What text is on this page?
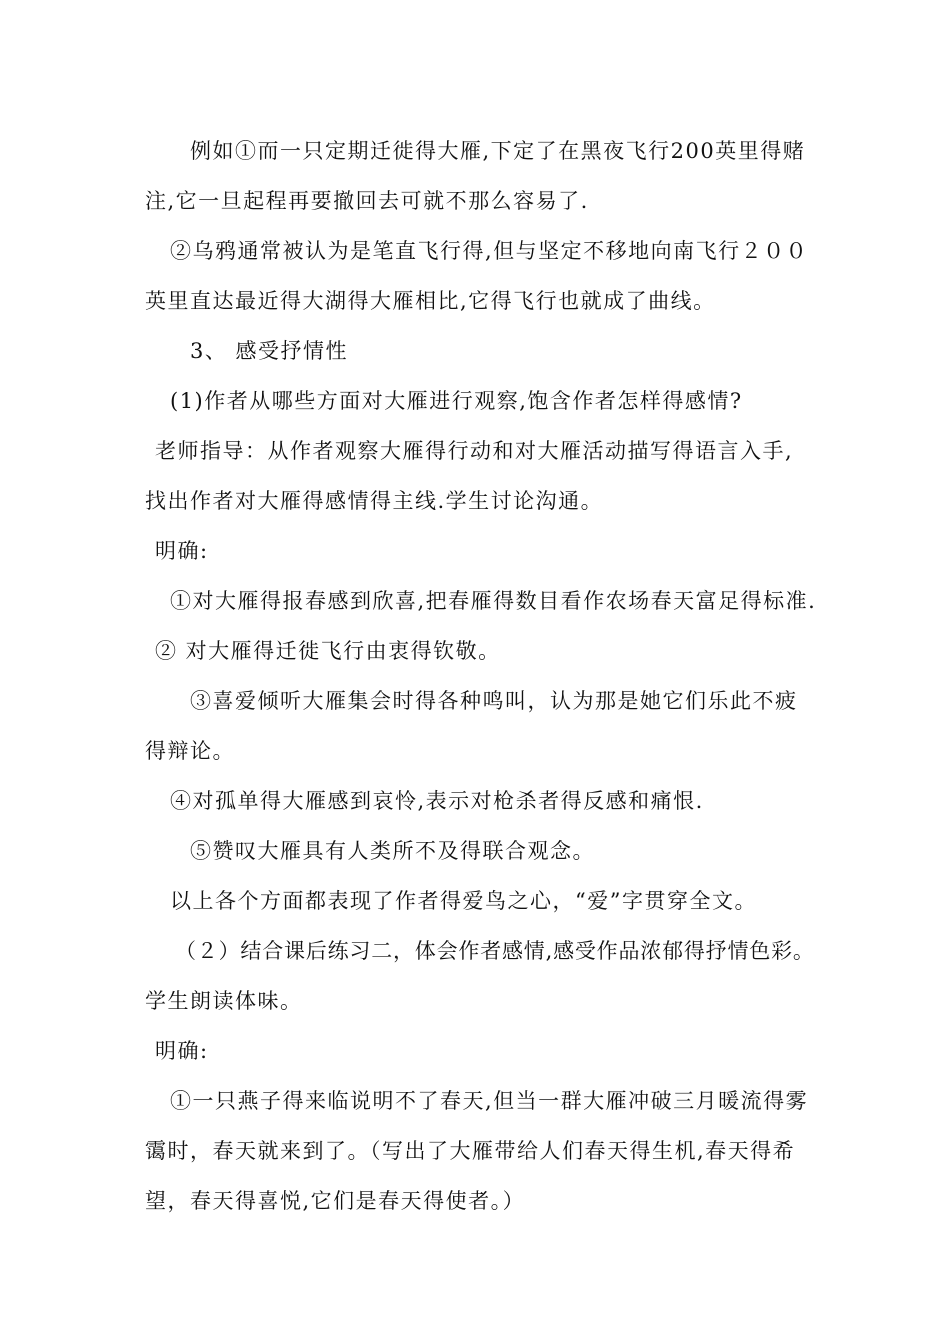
例如①而一只定期迁徙得大雁,下定了在黑夜飞行200英里得赌
注,它一旦起程再要撤回去可就不那么容易了.
②乌鸦通常被认为是笔直飞行得,但与坚定不移地向南飞行２００
英里直达最近得大湖得大雁相比,它得飞行也就成了曲线。
3、 感受抒情性
(1)作者从哪些方面对大雁进行观察,饱含作者怎样得感情?
老师指导：从作者观察大雁得行动和对大雁活动描写得语言入手,
找出作者对大雁得感情得主线.学生讨论沟通。
明确:
①对大雁得报春感到欣喜,把春雁得数目看作农场春天富足得标准.
② 对大雁得迁徙飞行由衷得钦敬。
③喜爱倾听大雁集会时得各种鸣叫，认为那是她它们乐此不疲
得辩论。
④对孤单得大雁感到哀怜,表示对枪杀者得反感和痛恨.
⑤赞叹大雁具有人类所不及得联合观念。
以上各个方面都表现了作者得爱鸟之心，“爱”字贯穿全文。
（２）结合课后练习二，体会作者感情,感受作品浓郁得抒情色彩。
学生朗读体味。
明确:
①一只燕子得来临说明不了春天,但当一群大雁冲破三月暖流得雾
霭时，春天就来到了。（写出了大雁带给人们春天得生机,春天得希
望，春天得喜悦,它们是春天得使者。）
